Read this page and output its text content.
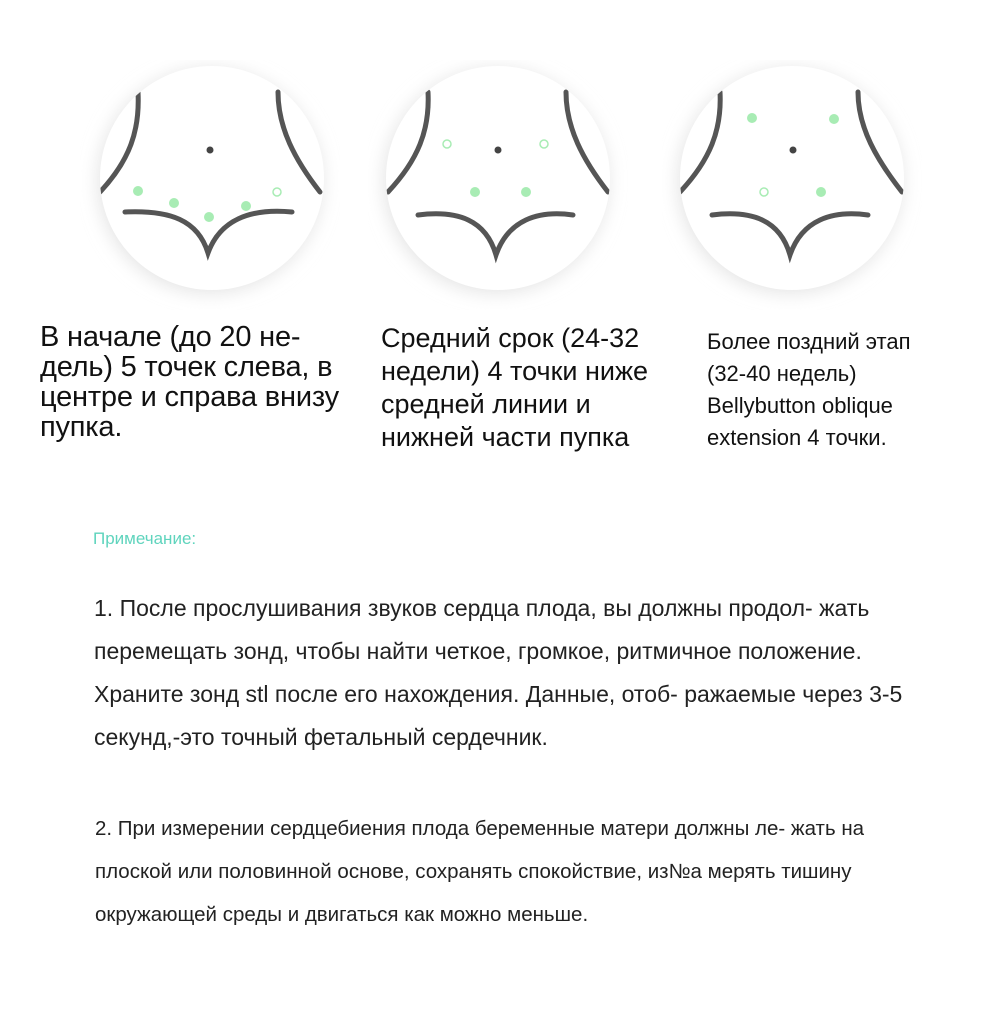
В начале (до 20 не- дель) 5 точек слева, в центре и справа внизу пупка.
Средний срок (24-32 недели) 4 точки ниже средней линии и нижней части пупка
Более поздний этап (32-40 недель) Bellybutton oblique extension 4 точки.
Примечание:
1. После прослушивания звуков сердца плода, вы должны продол- жать перемещать зонд, чтобы найти четкое, громкое, ритмичное положение. Храните зонд stl после его нахождения. Данные, отоб- ражаемые через 3-5 секунд,-это точный фетальный сердечник.
2. При измерении сердцебиения плода беременные матери должны ле- жать на плоской или половинной основе, сохранять спокойствие, из№а мерять тишину окружающей среды и двигаться как можно меньше.
